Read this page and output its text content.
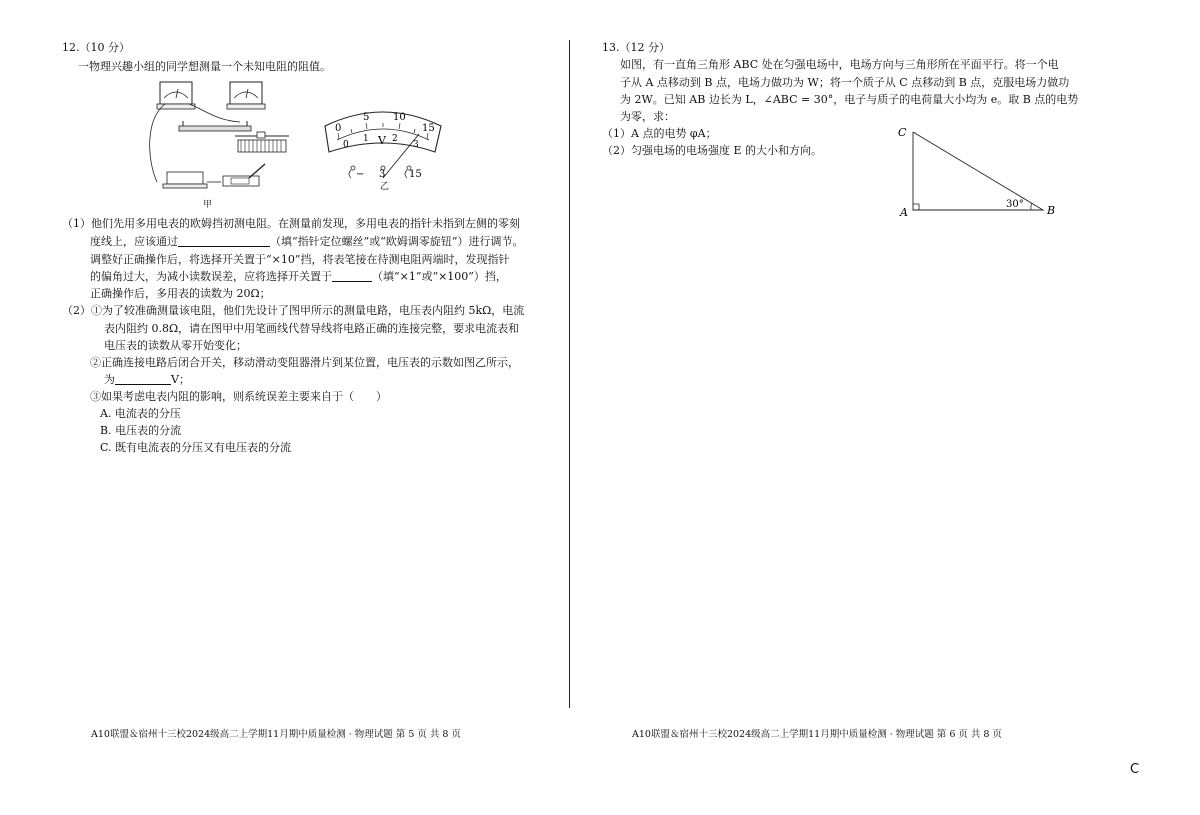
12.（10 分）
一物理兴趣小组的同学想测量一个未知电阻的阻值。
甲
0
5 10
15
0
1	2
3
V
− 3 15
乙
（1）他们先用多用电表的欧姆挡初测电阻。在测量前发现，多用电表的指针未指到左侧的零刻
度线上，应该通过	（填“指针定位螺丝”或“欧姆调零旋钮”）进行调节。
调整好正确操作后，将选择开关置于“×10”挡，将表笔接在待测电阻两端时，发现指针
的偏角过大，为减小读数误差，应将选择开关置于	（填“×1”或“×100”）挡，
正确操作后，多用表的读数为 20Ω；
（2）①为了较准确测量该电阻，他们先设计了图甲所示的测量电路，电压表内阻约 5kΩ，电流
表内阻约 0.8Ω，请在图甲中用笔画线代替导线将电路正确的连接完整，要求电流表和
电压表的读数从零开始变化；
②正确连接电路后闭合开关，移动滑动变阻器滑片到某位置，电压表的示数如图乙所示，
为	V；
③如果考虑电表内阻的影响，则系统误差主要来自于（　　）
A. 电流表的分压
B. 电压表的分流
C. 既有电流表的分压又有电压表的分流
13.（12 分）
如图，有一直角三角形 ABC 处在匀强电场中，电场方向与三角形所在平面平行。将一个电
子从 A 点移动到 B 点，电场力做功为 W；将一个质子从 C 点移动到 B 点，克服电场力做功
为 2W。已知 AB 边长为 L，∠ABC = 30°，电子与质子的电荷量大小均为 e。取 B 点的电势
为零，求：
（1）A 点的电势 φA；
（2）匀强电场的电场强度 E 的大小和方向。
C
A	B
30°
A10联盟＆宿州十三校2024级高二上学期11月期中质量检测 · 物理试题 第 5 页 共 8 页	A10联盟＆宿州十三校2024级高二上学期11月期中质量检测 · 物理试题 第 6 页 共 8 页
C
